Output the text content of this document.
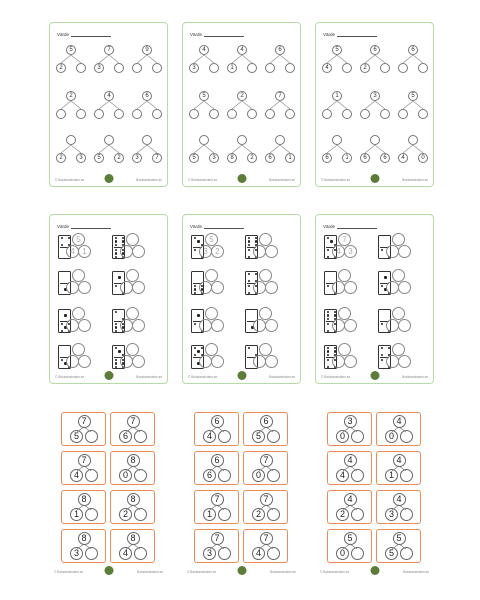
Värde
5
2
7
3
9
2	4	6
2	3	5	2	3	7
© Bokstavsboken.se	Bokstavsboken.se
Värde
4
3
4
1
6
5	2	7
5	3	8	2	6	1
© Bokstavsboken.se	Bokstavsboken.se
Värde
5
4
6
2
6
1	3	5
6	1	6	6	4	0
© Bokstavsboken.se	Bokstavsboken.se
Värde
5
4 1
© Bokstavsboken.se	Bokstavsboken.se
Värde
5
3 2
© Bokstavsboken.se	Bokstavsboken.se
Värde
7
4 3
© Bokstavsboken.se	Bokstavsboken.se
7
5
7
6
7
4
8
0
8
1
8
2
8
3
8
4
© Bokstavsboken.se	Bokstavsboken.se
6
4
6
5
6
6
7
0
7
1
7
2
7
3
7
4
© Bokstavsboken.se	Bokstavsboken.se
3
0
4
0
4
4
4
1
4
2
4
3
5
0
5
5
© Bokstavsboken.se	Bokstavsboken.se
